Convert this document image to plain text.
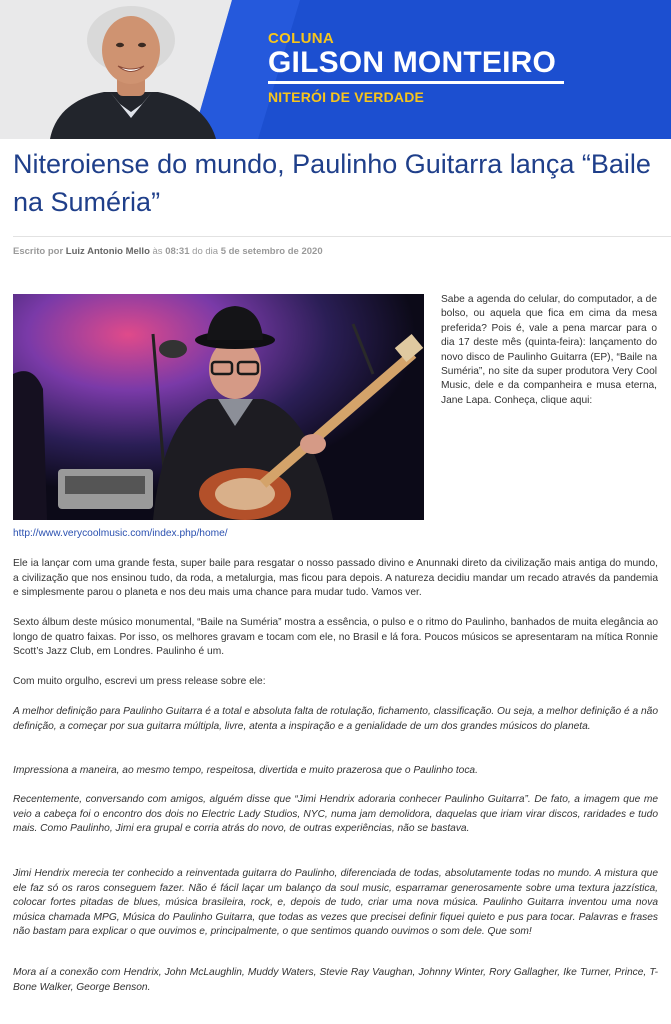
COLUNA
GILSON MONTEIRO
NITERÓI DE VERDADE
Niteroiense do mundo, Paulinho Guitarra lança “Baile na Suméria”
Escrito por Luiz Antonio Mello às 08:31 do dia 5 de setembro de 2020

Sabe a agenda do celular, do computador, a de bolso, ou aquela que fica em cima da mesa preferida? Pois é, vale a pena marcar para o dia 17 deste mês (quinta-feira): lançamento do novo disco de Paulinho Guitarra (EP), “Baile na Suméria”, no site da super produtora Very Cool Music, dele e da companheira e musa eterna, Jane Lapa. Conheça, clique aqui:

http://www.verycoolmusic.com/index.php/home/

Ele ia lançar com uma grande festa, super baile para resgatar o nosso passado divino e Anunnaki direto da civilização mais antiga do mundo, a civilização que nos ensinou tudo, da roda, a metalurgia, mas ficou para depois. A natureza decidiu mandar um recado através da pandemia e simplesmente parou o planeta e nos deu mais uma chance para mudar tudo. Vamos ver.

Sexto álbum deste músico monumental, “Baile na Suméria” mostra a essência, o pulso e o ritmo do Paulinho, banhados de muita elegância ao longo de quatro faixas. Por isso, os melhores gravam e tocam com ele, no Brasil e lá fora. Poucos músicos se apresentaram na mítica Ronnie Scott’s Jazz Club, em Londres. Paulinho é um.

Com muito orgulho, escrevi um press release sobre ele:

A melhor definição para Paulinho Guitarra é a total e absoluta falta de rotulação, fichamento, classificação. Ou seja, a melhor definição é a não definição, a começar por sua guitarra múltipla, livre, atenta a inspiração e a genialidade de um dos grandes músicos do planeta.

Impressiona a maneira, ao mesmo tempo, respeitosa, divertida e muito prazerosa que o Paulinho toca.

Recentemente, conversando com amigos, alguém disse que “Jimi Hendrix adoraria conhecer Paulinho Guitarra”. De fato, a imagem que me veio a cabeça foi o encontro dos dois no Electric Lady Studios, NYC, numa jam demolidora, daquelas que iriam virar discos, raridades e tudo mais. Como Paulinho, Jimi era grupal e corria atrás do novo, de outras experiências, não se bastava.

Jimi Hendrix merecia ter conhecido a reinventada guitarra do Paulinho, diferenciada de todas, absolutamente todas no mundo. A mistura que ele faz só os raros conseguem fazer. Não é fácil laçar um balanço da soul music, esparramar generosamente sobre uma textura jazzística, colocar fortes pitadas de blues, música brasileira, rock, e, depois de tudo, criar uma nova música. Paulinho Guitarra inventou uma nova música chamada MPG, Música do Paulinho Guitarra, que todas as vezes que precisei definir fiquei quieto e pus para tocar. Palavras e frases não bastam para explicar o que ouvimos e, principalmente, o que sentimos quando ouvimos o som dele. Que som!

Mora aí a conexão com Hendrix, John McLaughlin, Muddy Waters, Stevie Ray Vaughan, Johnny Winter, Rory Gallagher, Ike Turner, Prince, T-Bone Walker, George Benson.
